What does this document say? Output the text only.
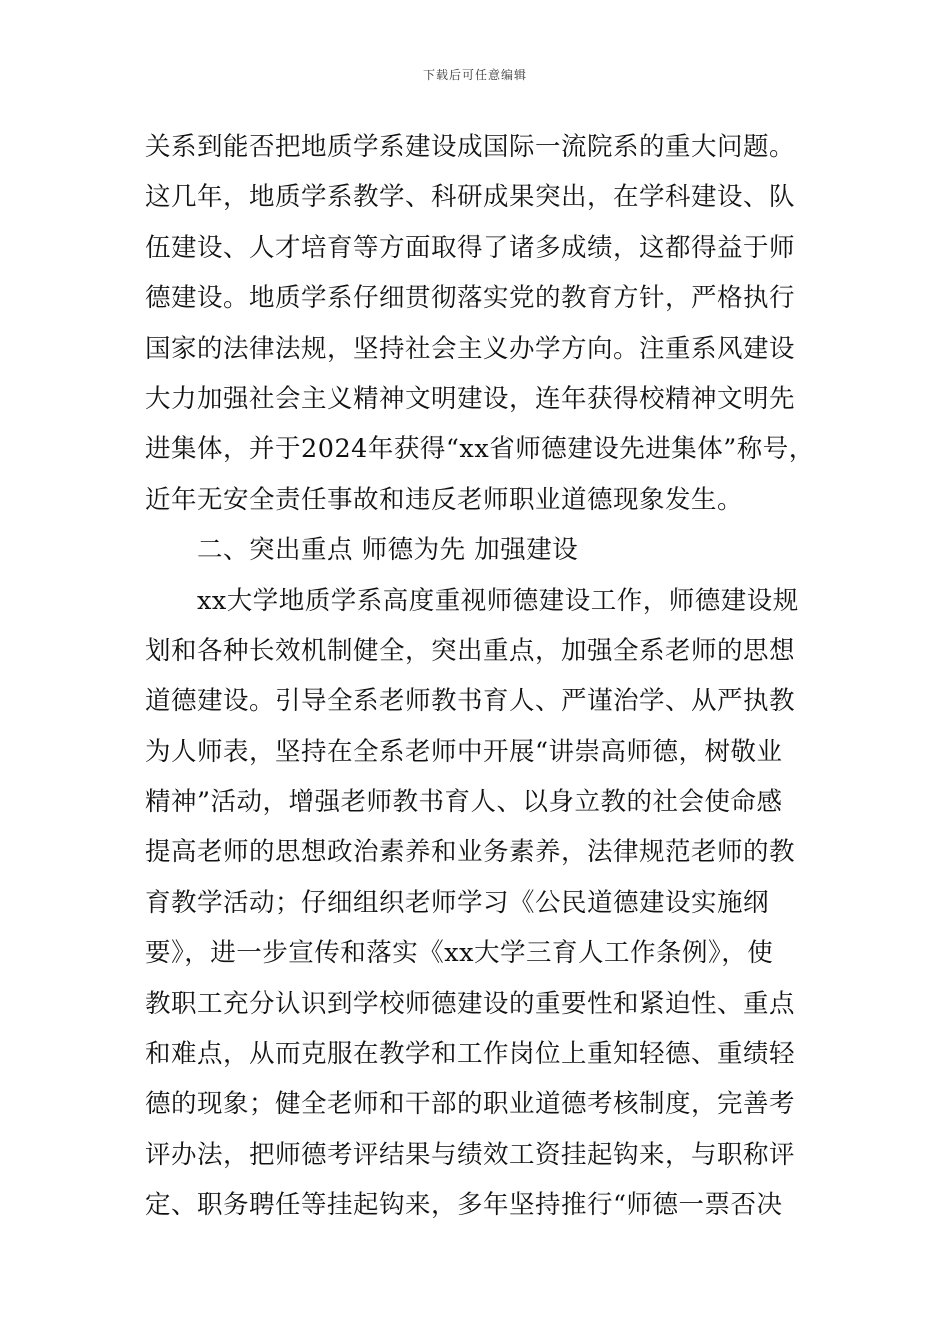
下载后可任意编辑
关系到能否把地质学系建设成国际一流院系的重大问题。
这几年，地质学系教学、科研成果突出，在学科建设、队
伍建设、人才培育等方面取得了诸多成绩，这都得益于师
德建设。地质学系仔细贯彻落实党的教育方针，严格执行
国家的法律法规，坚持社会主义办学方向。注重系风建设
大力加强社会主义精神文明建设，连年获得校精神文明先
进集体，并于2024年获得“xx省师德建设先进集体”称号，
近年无安全责任事故和违反老师职业道德现象发生。
二、突出重点 师德为先 加强建设
xx大学地质学系高度重视师德建设工作，师德建设规
划和各种长效机制健全，突出重点，加强全系老师的思想
道德建设。引导全系老师教书育人、严谨治学、从严执教
为人师表，坚持在全系老师中开展“讲崇高师德，树敬业
精神”活动，增强老师教书育人、以身立教的社会使命感
提高老师的思想政治素养和业务素养，法律规范老师的教
育教学活动；仔细组织老师学习《公民道德建设实施纲
要》，进一步宣传和落实《xx大学三育人工作条例》，使
教职工充分认识到学校师德建设的重要性和紧迫性、重点
和难点，从而克服在教学和工作岗位上重知轻德、重绩轻
德的现象；健全老师和干部的职业道德考核制度，完善考
评办法，把师德考评结果与绩效工资挂起钩来，与职称评
定、职务聘任等挂起钩来，多年坚持推行“师德一票否决
